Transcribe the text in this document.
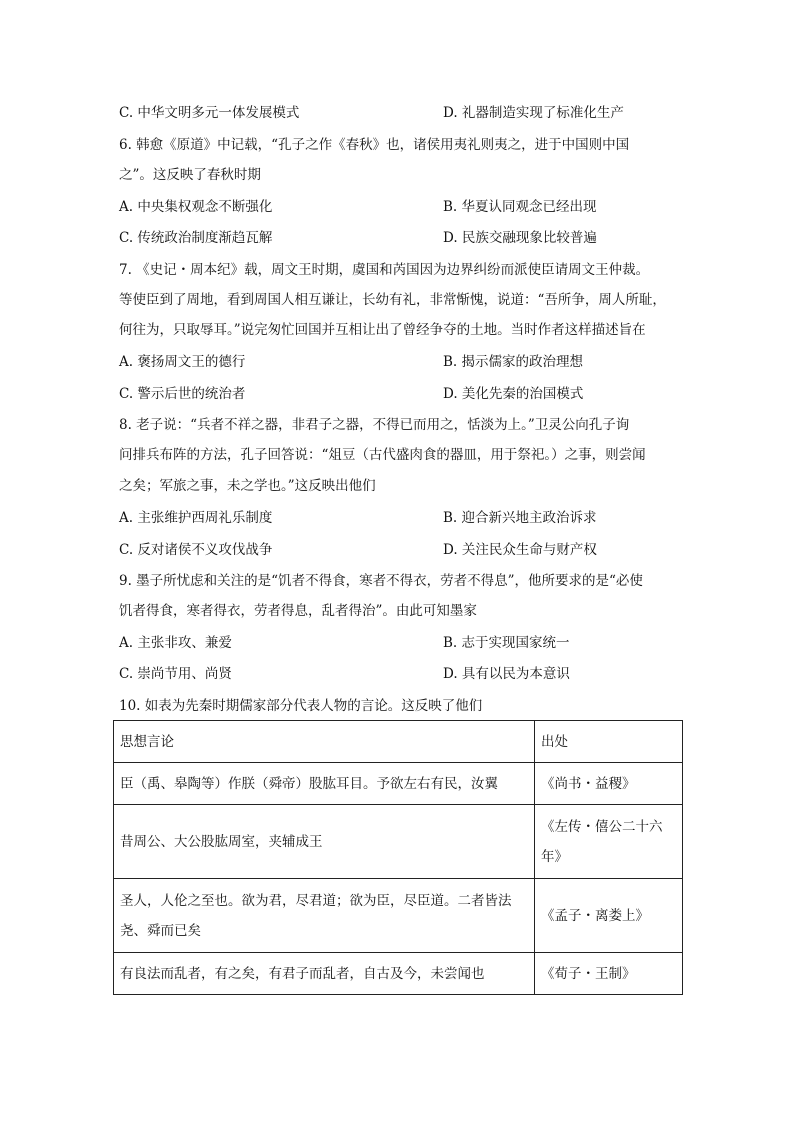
C. 中华文明多元一体发展模式	D. 礼器制造实现了标准化生产
6. 韩愈《原道》中记载，“孔子之作《春秋》也，诸侯用夷礼则夷之，进于中国则中国
之”。这反映了春秋时期
A. 中央集权观念不断强化	B. 华夏认同观念已经出现
C. 传统政治制度渐趋瓦解	D. 民族交融现象比较普遍
7. 《史记・周本纪》载，周文王时期，虞国和芮国因为边界纠纷而派使臣请周文王仲裁。
等使臣到了周地，看到周国人相互谦让，长幼有礼，非常惭愧，说道：“吾所争，周人所耻，
何往为，只取辱耳。”说完匆忙回国并互相让出了曾经争夺的土地。当时作者这样描述旨在
A. 褒扬周文王的德行	B. 揭示儒家的政治理想
C. 警示后世的统治者	D. 美化先秦的治国模式
8. 老子说：“兵者不祥之器，非君子之器，不得已而用之，恬淡为上。”卫灵公向孔子询
问排兵布阵的方法，孔子回答说：“俎豆（古代盛肉食的器皿，用于祭祀。）之事，则尝闻
之矣；军旅之事，未之学也。”这反映出他们
A. 主张维护西周礼乐制度	B. 迎合新兴地主政治诉求
C. 反对诸侯不义攻伐战争	D. 关注民众生命与财产权
9. 墨子所忧虑和关注的是“饥者不得食，寒者不得衣，劳者不得息”，他所要求的是“必使
饥者得食，寒者得衣，劳者得息，乱者得治”。由此可知墨家
A. 主张非攻、兼爱	B. 志于实现国家统一
C. 崇尚节用、尚贤	D. 具有以民为本意识
10. 如表为先秦时期儒家部分代表人物的言论。这反映了他们
思想言论	出处
臣（禹、皋陶等）作朕（舜帝）股肱耳目。予欲左右有民，汝翼	《尚书・益稷》
昔周公、大公股肱周室，夹辅成王	《左传・僖公二十六年》
圣人，人伦之至也。欲为君，尽君道；欲为臣，尽臣道。二者皆法尧、舜而已矣	《孟子・离娄上》
有良法而乱者，有之矣，有君子而乱者，自古及今，未尝闻也	《荀子・王制》
